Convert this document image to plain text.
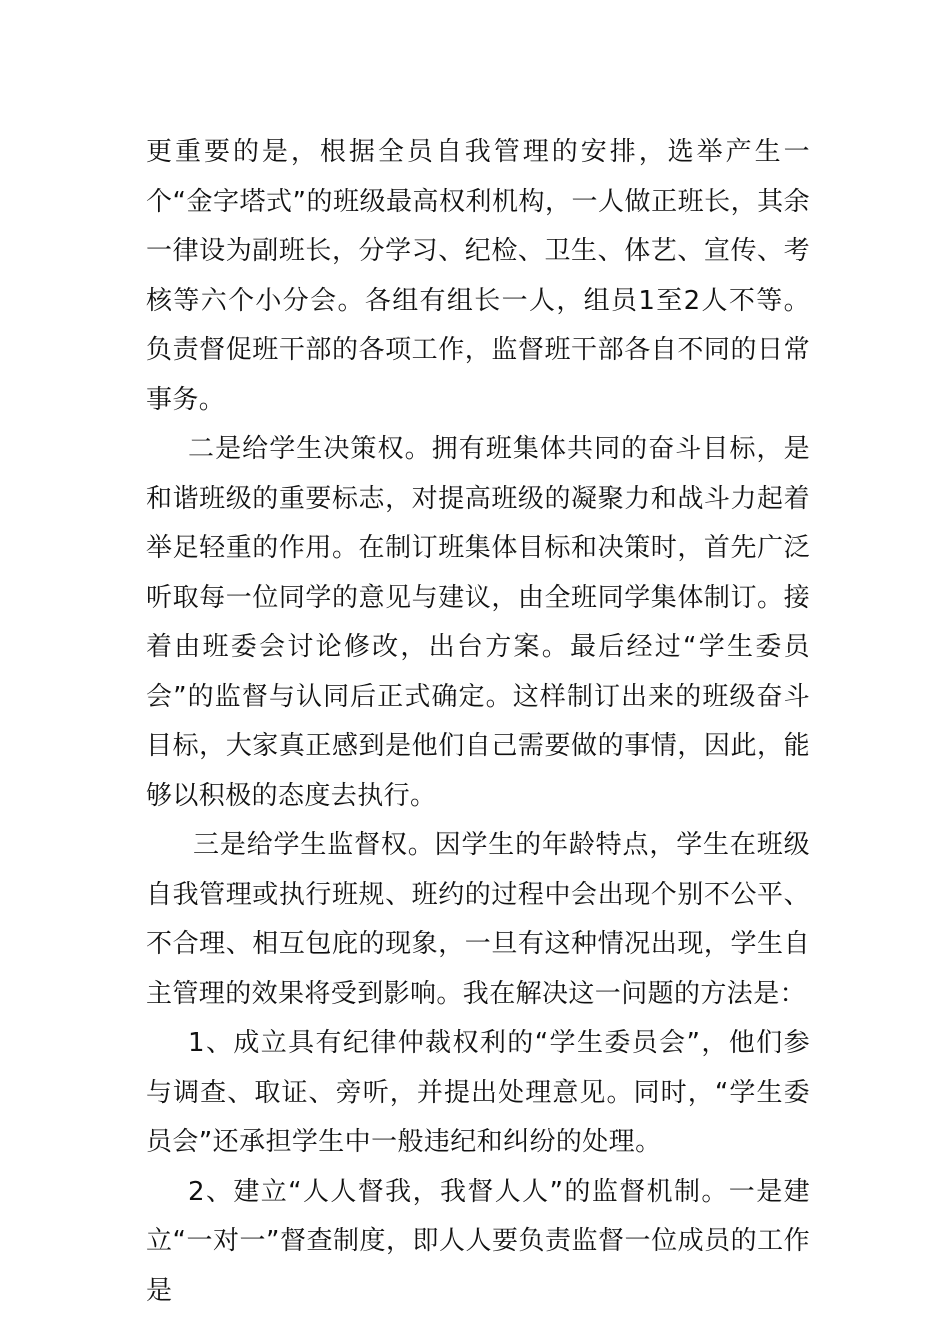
更重要的是，根据全员自我管理的安排，选举产生一个“金字塔式”的班级最高权利机构，一人做正班长，其余一律设为副班长，分学习、纪检、卫生、体艺、宣传、考核等六个小分会。各组有组长一人，组员1至2人不等。负责督促班干部的各项工作，监督班干部各自不同的日常事务。

二是给学生决策权。拥有班集体共同的奋斗目标，是和谐班级的重要标志，对提高班级的凝聚力和战斗力起着举足轻重的作用。在制订班集体目标和决策时，首先广泛听取每一位同学的意见与建议，由全班同学集体制订。接着由班委会讨论修改，出台方案。最后经过“学生委员会”的监督与认同后正式确定。这样制订出来的班级奋斗目标，大家真正感到是他们自己需要做的事情，因此，能够以积极的态度去执行。

三是给学生监督权。因学生的年龄特点，学生在班级自我管理或执行班规、班约的过程中会出现个别不公平、不合理、相互包庇的现象，一旦有这种情况出现，学生自主管理的效果将受到影响。我在解决这一问题的方法是：

1、成立具有纪律仲裁权利的“学生委员会”，他们参与调查、取证、旁听，并提出处理意见。同时，“学生委员会”还承担学生中一般违纪和纠纷的处理。

2、建立“人人督我，我督人人”的监督机制。一是建立“一对一”督查制度，即人人要负责监督一位成员的工作是
